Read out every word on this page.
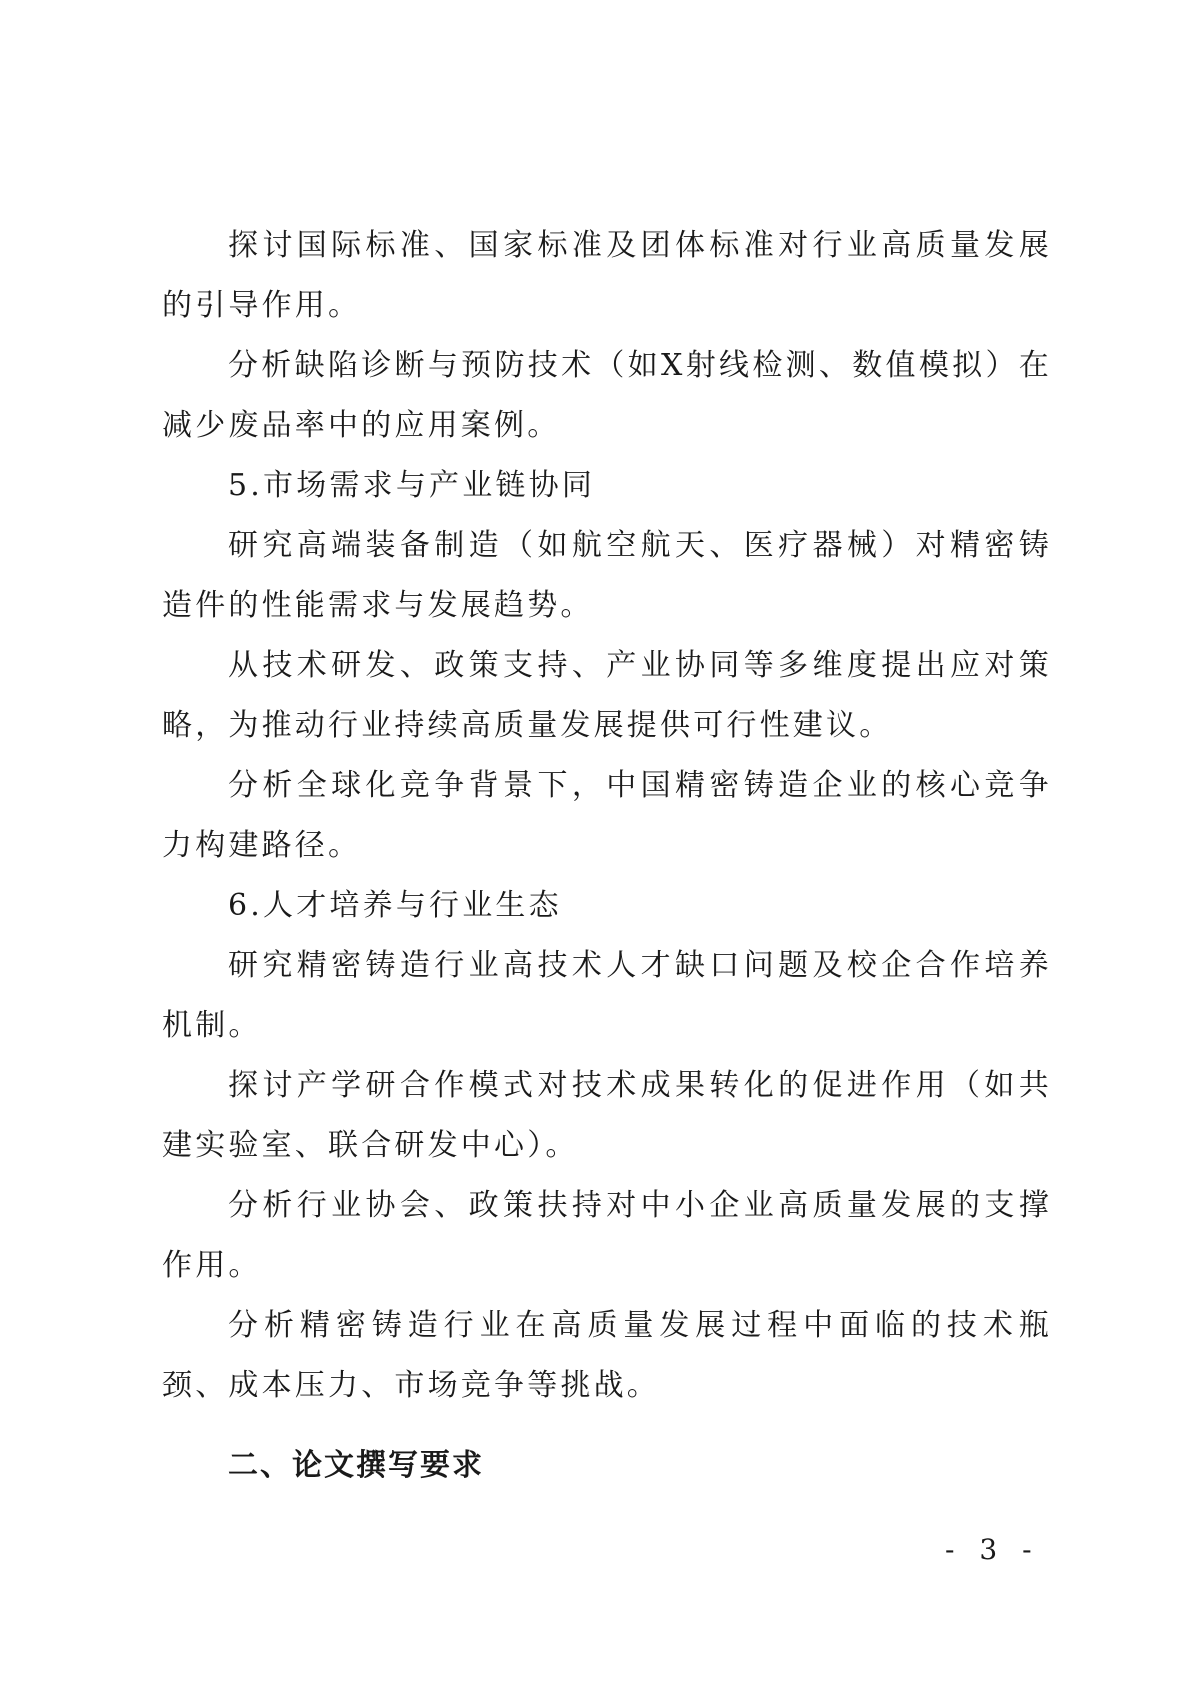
探讨国际标准、国家标准及团体标准对行业高质量发展的引导作用。

分析缺陷诊断与预防技术（如X射线检测、数值模拟）在减少废品率中的应用案例。

5.市场需求与产业链协同

研究高端装备制造（如航空航天、医疗器械）对精密铸造件的性能需求与发展趋势。

从技术研发、政策支持、产业协同等多维度提出应对策略，为推动行业持续高质量发展提供可行性建议。

分析全球化竞争背景下，中国精密铸造企业的核心竞争力构建路径。

6.人才培养与行业生态

研究精密铸造行业高技术人才缺口问题及校企合作培养机制。

探讨产学研合作模式对技术成果转化的促进作用（如共建实验室、联合研发中心）。

分析行业协会、政策扶持对中小企业高质量发展的支撑作用。

分析精密铸造行业在高质量发展过程中面临的技术瓶颈、成本压力、市场竞争等挑战。

二、论文撰写要求

- 3 -
